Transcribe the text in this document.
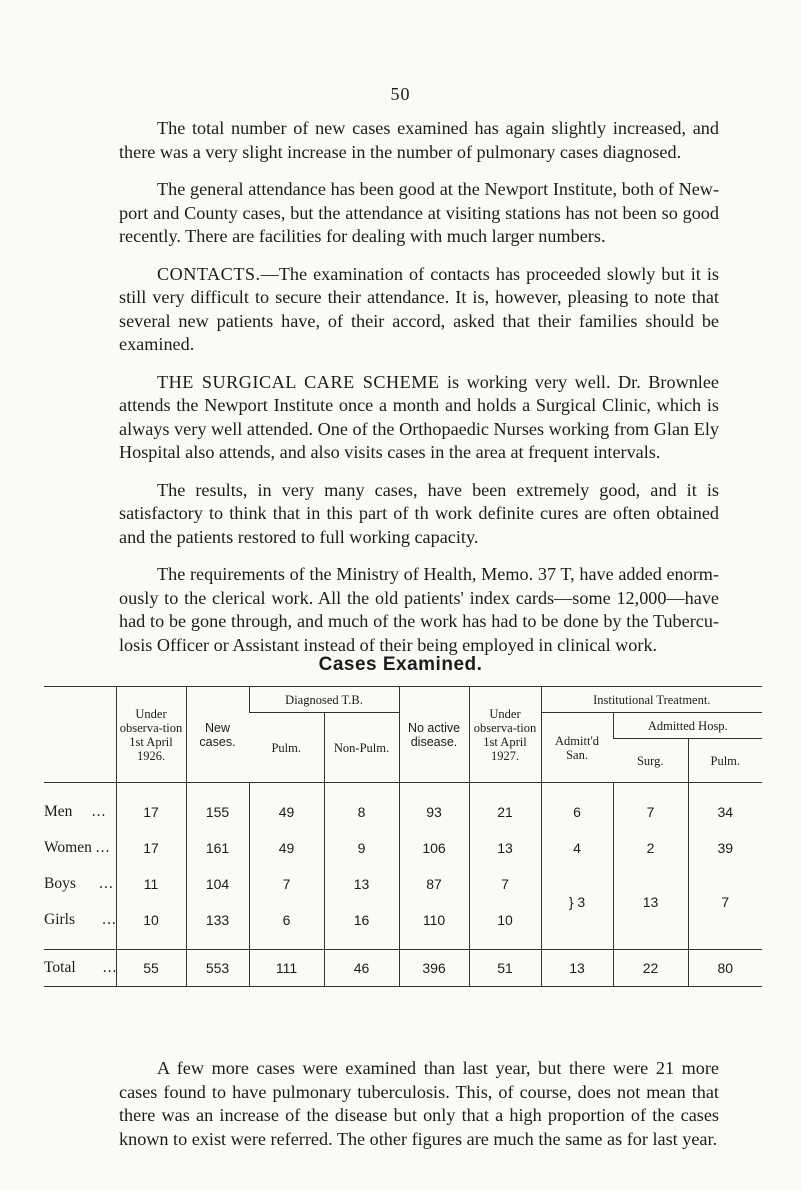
50

The total number of new cases examined has again slightly increased, and there was a very slight increase in the number of pulmonary cases diagnosed.

The general attendance has been good at the Newport Institute, both of New-port and County cases, but the attendance at visiting stations has not been so good recently. There are facilities for dealing with much larger numbers.

CONTACTS.—The examination of contacts has proceeded slowly but it is still very difficult to secure their attendance. It is, however, pleasing to note that several new patients have, of their accord, asked that their families should be examined.

THE SURGICAL CARE SCHEME is working very well. Dr. Brownlee attends the Newport Institute once a month and holds a Surgical Clinic, which is always very well attended. One of the Orthopaedic Nurses working from Glan Ely Hospital also attends, and also visits cases in the area at frequent intervals.

The results, in very many cases, have been extremely good, and it is satisfactory to think that in this part of th work definite cures are often obtained and the patients restored to full working capacity.

The requirements of the Ministry of Health, Memo. 37 T, have added enorm-ously to the clerical work. All the old patients' index cards—some 12,000—have had to be gone through, and much of the work has had to be done by the Tubercu-losis Officer or Assistant instead of their being employed in clinical work.

Cases Examined.
	Under observa-tion 1st April 1926.	New cases.	Diagnosed T.B.		No active disease.	Under observa-tion 1st April 1927.	Institutional Treatment.		
			Pulm.	Non-Pulm.			Admitt'd San.	Admitted Hosp.	
								Surg.	Pulm.

Men ...	17	155	49	8	93	21	6	7	34

Women ...	17	161	49	9	106	13	4	2	39

Boys ...	11	104	7	13	87	7	} 3	13	7

Girls ...	10	133	6	16	110	10			

Total ...	55	553	111	46	396	51	13	22	80

A few more cases were examined than last year, but there were 21 more cases found to have pulmonary tuberculosis. This, of course, does not mean that there was an increase of the disease but only that a high proportion of the cases known to exist were referred. The other figures are much the same as for last year.
